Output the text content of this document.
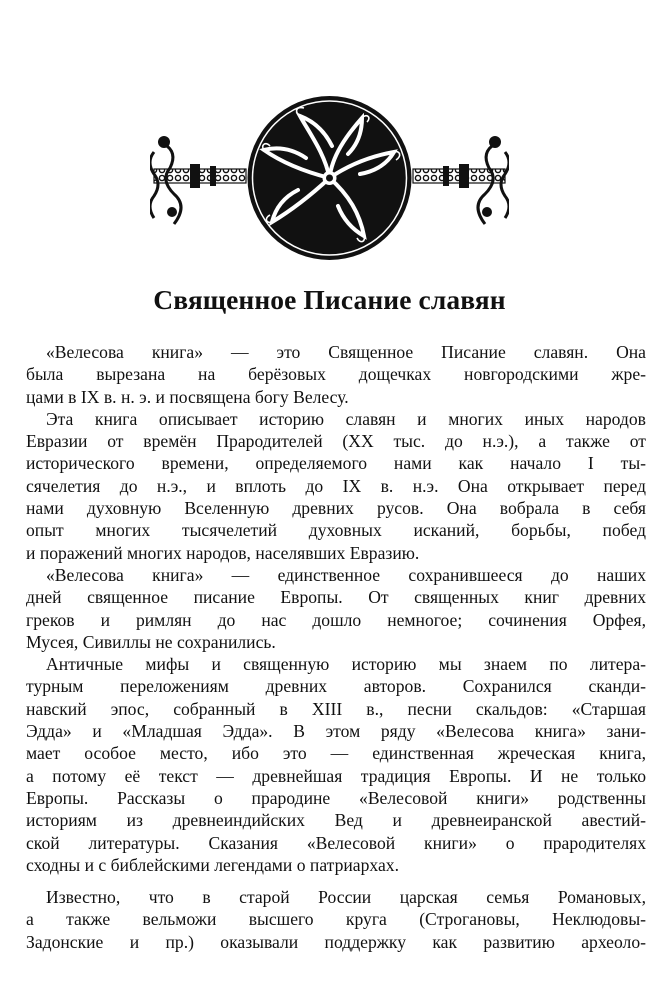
Священное Писание славян

«Велесова книга» — это Священное Писание славян. Она
была вырезана на берёзовых дощечках новгородскими жре-
цами в IX в. н. э. и посвящена богу Велесу.

Эта книга описывает историю славян и многих иных народов
Евразии от времён Прародителей (XX тыс. до н.э.), а также от
исторического времени, определяемого нами как начало I ты-
сячелетия до н.э., и вплоть до IX в. н.э. Она открывает перед
нами духовную Вселенную древних русов. Она вобрала в себя
опыт многих тысячелетий духовных исканий, борьбы, побед
и поражений многих народов, населявших Евразию.

«Велесова книга» — единственное сохранившееся до наших
дней священное писание Европы. От священных книг древних
греков и римлян до нас дошло немногое; сочинения Орфея,
Мусея, Сивиллы не сохранились.

Античные мифы и священную историю мы знаем по литера-
турным переложениям древних авторов. Сохранился сканди-
навский эпос, собранный в XIII в., песни скальдов: «Старшая
Эдда» и «Младшая Эдда». В этом ряду «Велесова книга» зани-
мает особое место, ибо это — единственная жреческая книга,
а потому её текст — древнейшая традиция Европы. И не только
Европы. Рассказы о прародине «Велесовой книги» родственны
историям из древнеиндийских Вед и древнеиранской авестий-
ской литературы. Сказания «Велесовой книги» о прародителях
сходны и с библейскими легендами о патриархах.

Известно, что в старой России царская семья Романовых,
а также вельможи высшего круга (Строгановы, Неклюдовы-
Задонские и пр.) оказывали поддержку как развитию археоло-
